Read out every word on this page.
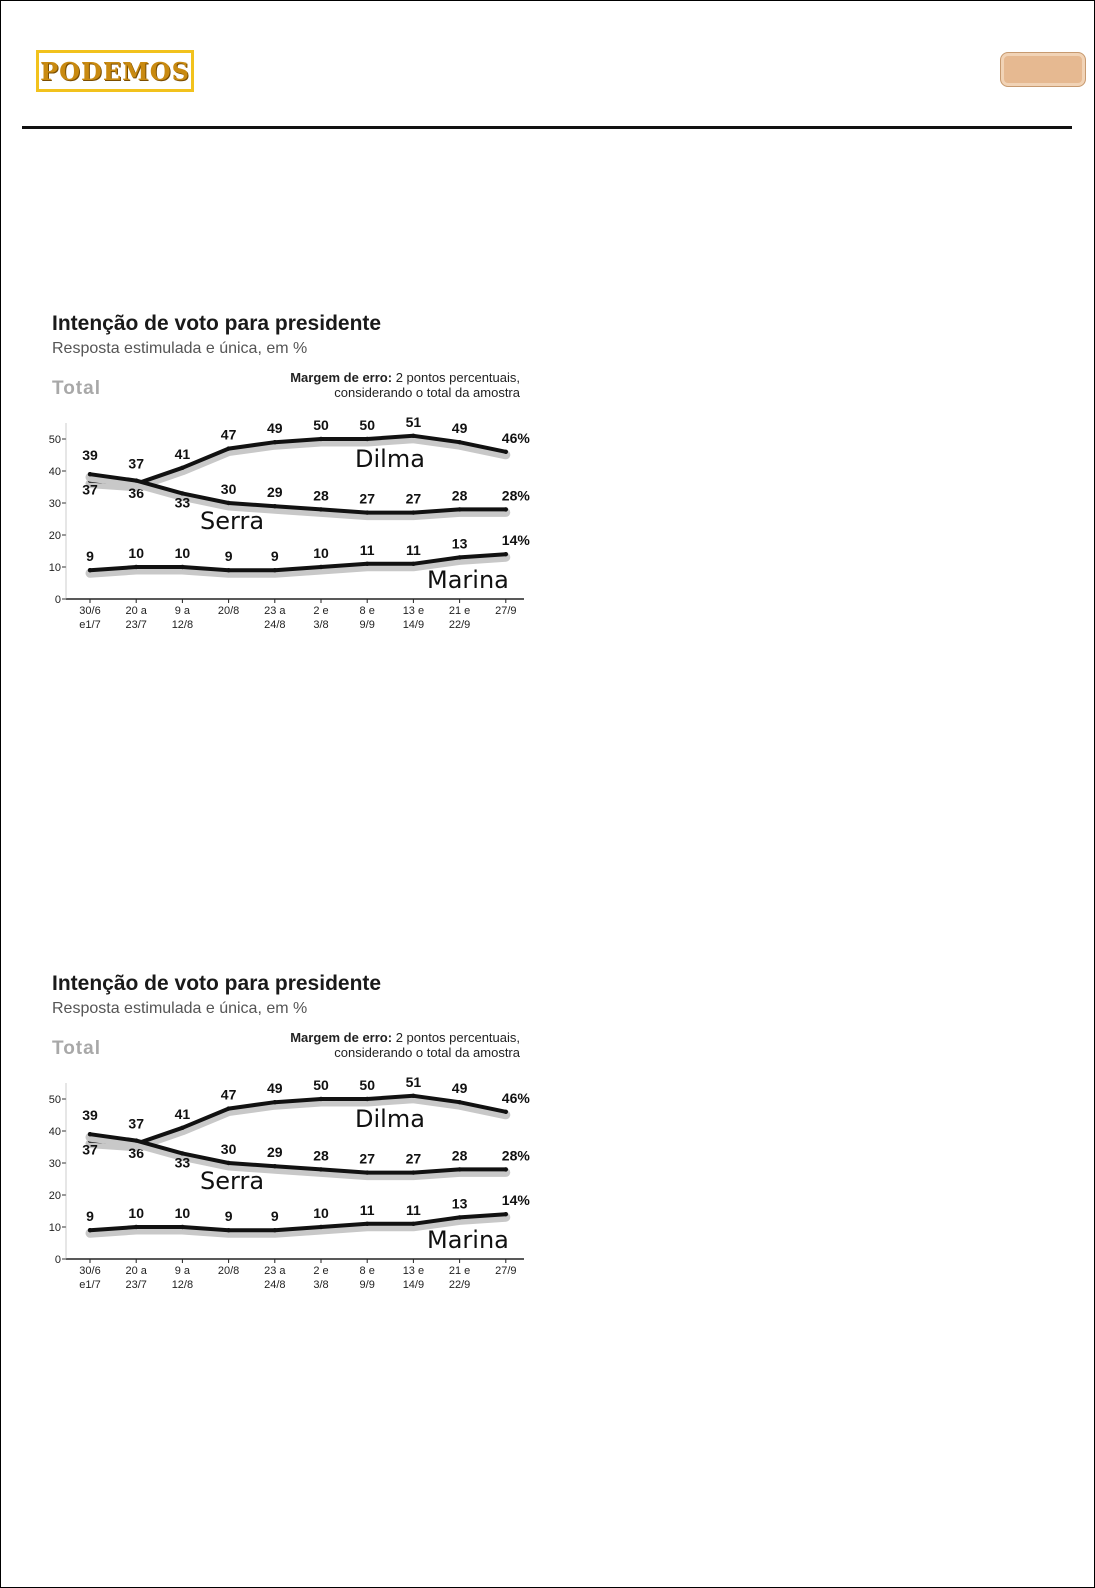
PODEMOS
Intenção de voto para presidente
Resposta estimulada e única, em %
Total
Margem de erro: 2 pontos percentuais,
considerando o total da amostra
0
10
20
30
40
50
30/6
e1/7
20 a
23/7
9 a
12/8
20/8 23 a
24/8
2 e
3/8
8 e
9/9
13 e
14/9
21 e
22/9
27/9
37 36
41
47 49 50 50 51 49
46%
Dilma
39
37
33
30 29 28 27 27 28 28%
Serra
9 10 10 9	9 10 11 11 13 14%
Marina
Intenção de voto para presidente
Resposta estimulada e única, em %
Total
Margem de erro: 2 pontos percentuais,
considerando o total da amostra
0
10
20
30
40
50
30/6
e1/7
20 a
23/7
9 a
12/8
20/8 23 a
24/8
2 e
3/8
8 e
9/9
13 e
14/9
21 e
22/9
27/9
37 36
41
47 49 50 50 51 49
46%
Dilma
39
37
33
30 29 28 27 27 28 28%
Serra
9 10 10 9	9 10 11 11 13 14%
Marina
